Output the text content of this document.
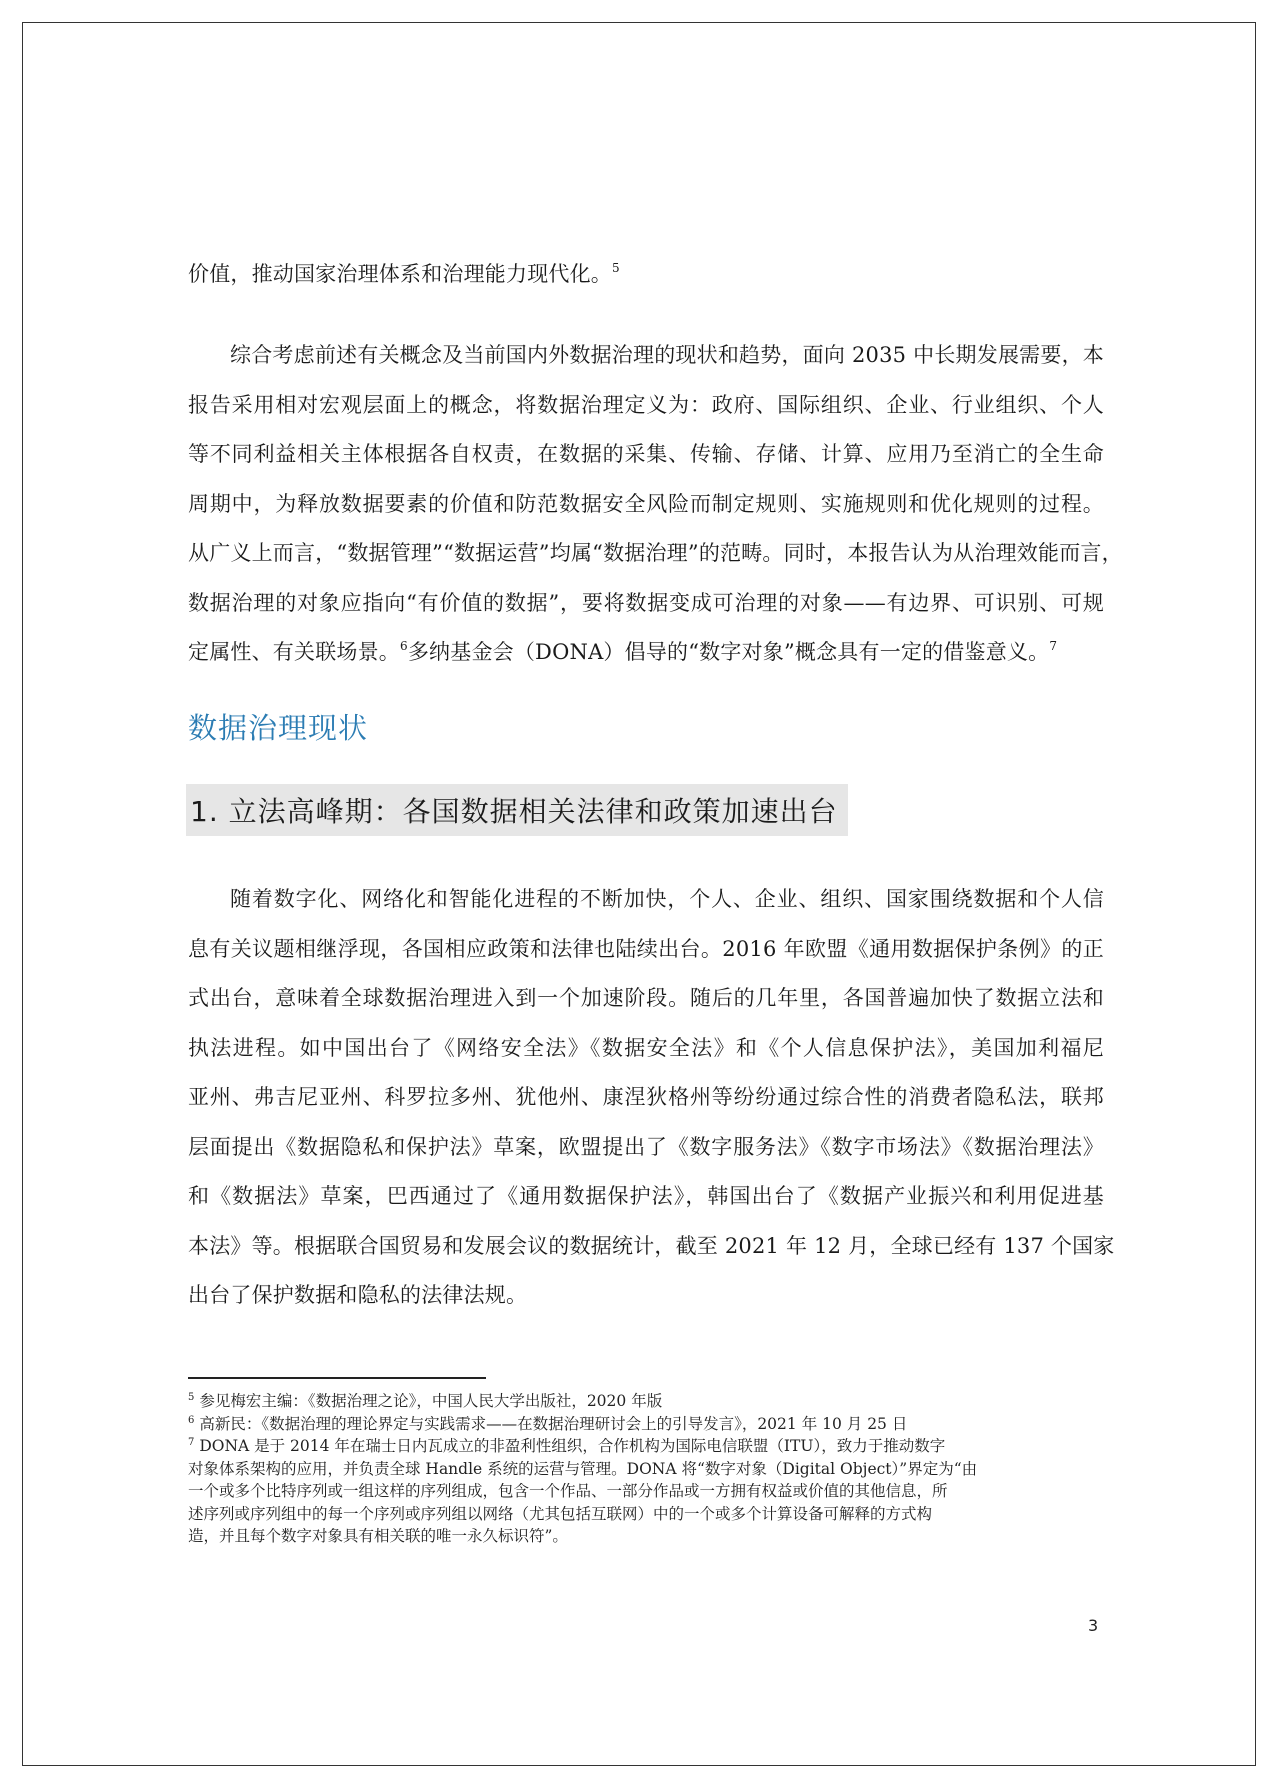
价值，推动国家治理体系和治理能力现代化。$^5$
综合考虑前述有关概念及当前国内外数据治理的现状和趋势，面向 2035 中长期发展需要，本
报告采用相对宏观层面上的概念，将数据治理定义为：政府、国际组织、企业、行业组织、个人
等不同利益相关主体根据各自权责，在数据的采集、传输、存储、计算、应用乃至消亡的全生命
周期中，为释放数据要素的价值和防范数据安全风险而制定规则、实施规则和优化规则的过程。
从广义上而言，“数据管理”“数据运营”均属“数据治理”的范畴。同时，本报告认为从治理效能而言，
数据治理的对象应指向“有价值的数据”，要将数据变成可治理的对象——有边界、可识别、可规
定属性、有关联场景。$^6$多纳基金会（DONA）倡导的“数字对象”概念具有一定的借鉴意义。$^7$
数据治理现状
1. 立法高峰期：各国数据相关法律和政策加速出台
随着数字化、网络化和智能化进程的不断加快，个人、企业、组织、国家围绕数据和个人信
息有关议题相继浮现，各国相应政策和法律也陆续出台。2016 年欧盟《通用数据保护条例》的正
式出台，意味着全球数据治理进入到一个加速阶段。随后的几年里，各国普遍加快了数据立法和
执法进程。如中国出台了《网络安全法》《数据安全法》和《个人信息保护法》，美国加利福尼
亚州、弗吉尼亚州、科罗拉多州、犹他州、康涅狄格州等纷纷通过综合性的消费者隐私法，联邦
层面提出《数据隐私和保护法》草案，欧盟提出了《数字服务法》《数字市场法》《数据治理法》
和《数据法》草案，巴西通过了《通用数据保护法》，韩国出台了《数据产业振兴和利用促进基
本法》等。根据联合国贸易和发展会议的数据统计，截至 2021 年 12 月，全球已经有 137 个国家
出台了保护数据和隐私的法律法规。

$^5$ 参见梅宏主编：《数据治理之论》，中国人民大学出版社，2020 年版

$^6$ 高新民：《数据治理的理论界定与实践需求——在数据治理研讨会上的引导发言》，2021 年 10 月 25 日

$^7$ DONA 是于 2014 年在瑞士日内瓦成立的非盈利性组织，合作机构为国际电信联盟（ITU），致力于推动数字
对象体系架构的应用，并负责全球 Handle 系统的运营与管理。DONA 将“数字对象（Digital Object）”界定为“由
一个或多个比特序列或一组这样的序列组成，包含一个作品、一部分作品或一方拥有权益或价值的其他信息，所
述序列或序列组中的每一个序列或序列组以网络（尤其包括互联网）中的一个或多个计算设备可解释的方式构
造，并且每个数字对象具有相关联的唯一永久标识符”。

3
